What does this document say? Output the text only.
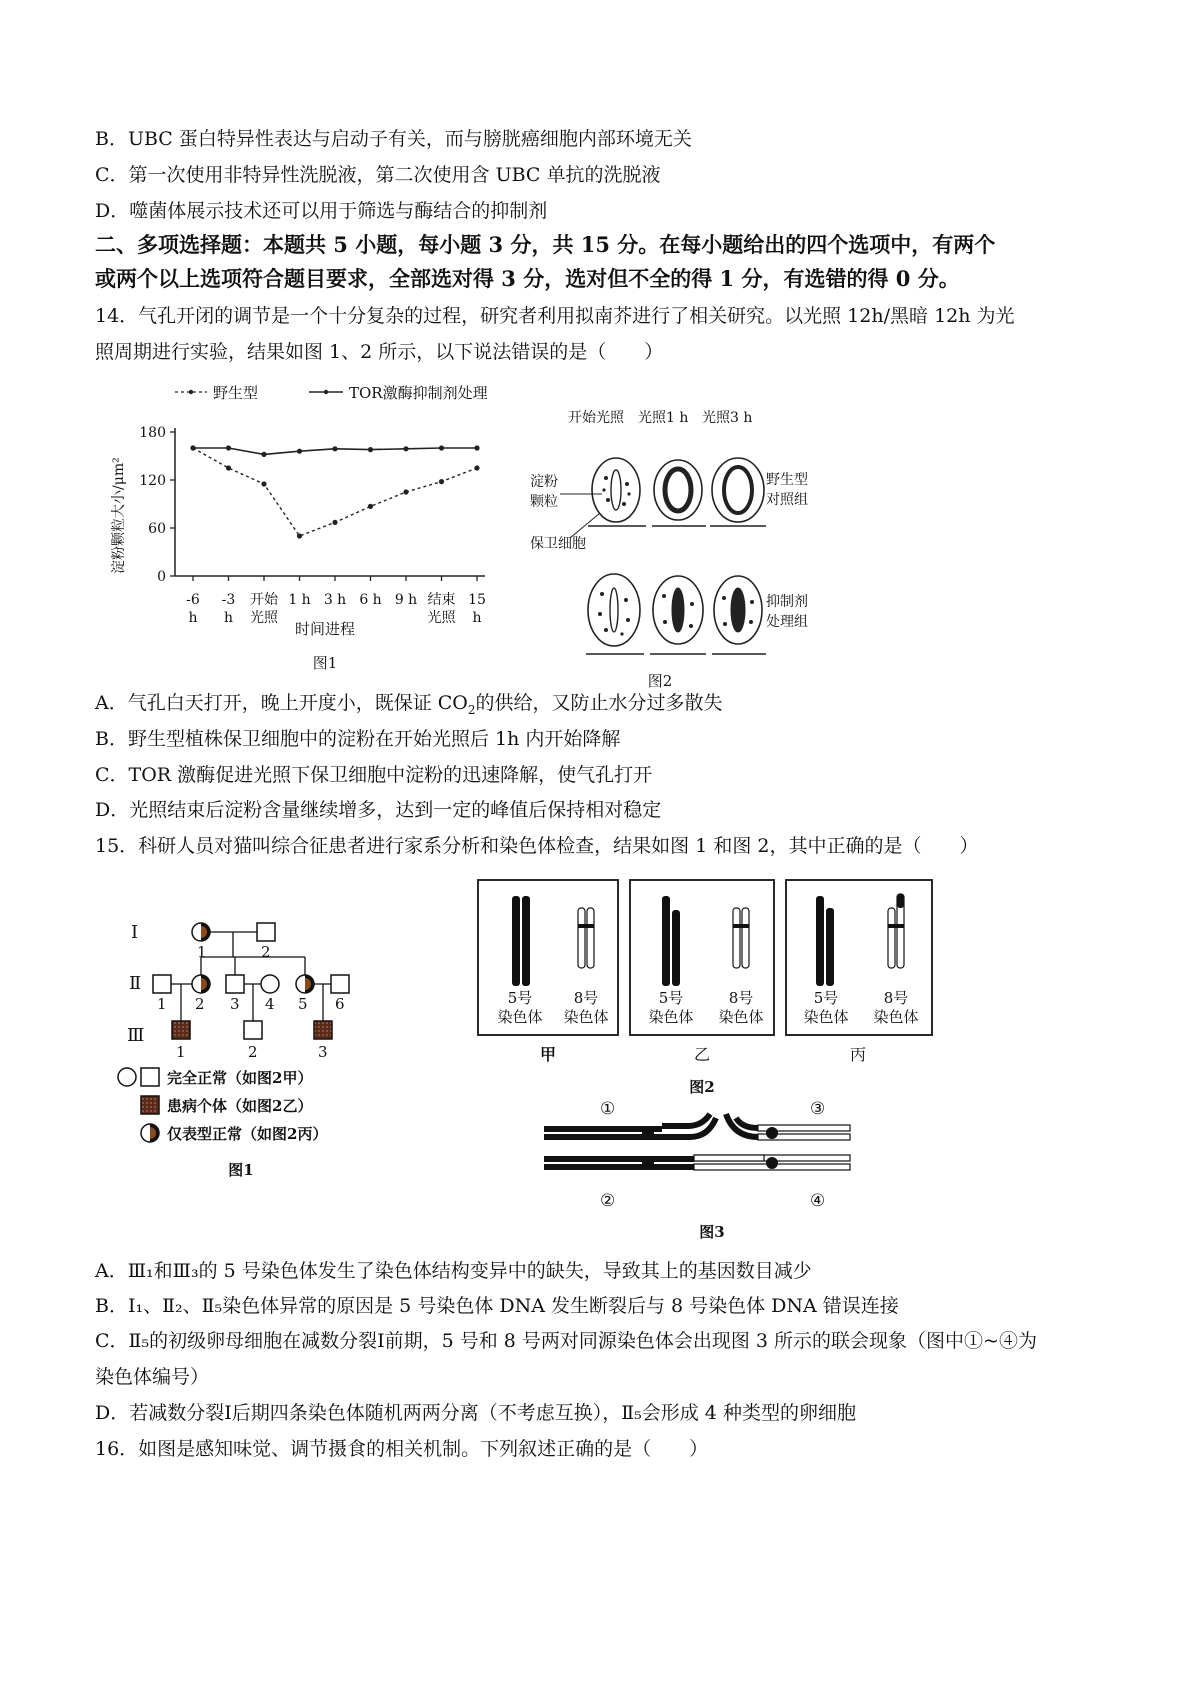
B．UBC 蛋白特异性表达与启动子有关，而与膀胱癌细胞内部环境无关
C．第一次使用非特异性洗脱液，第二次使用含 UBC 单抗的洗脱液
D．噬菌体展示技术还可以用于筛选与酶结合的抑制剂
二、多项选择题：本题共 5 小题，每小题 3 分，共 15 分。在每小题给出的四个选项中，有两个
或两个以上选项符合题目要求，全部选对得 3 分，选对但不全的得 1 分，有选错的得 0 分。
14．气孔开闭的调节是一个十分复杂的过程，研究者利用拟南芥进行了相关研究。以光照 12h/黑暗 12h 为光
照周期进行实验，结果如图 1、2 所示，以下说法错误的是（　　）
野生型	TOR激酶抑制剂处理
0
60
120
180
-6
h
-3
h
开始
光照
1 h 3 h 6 h 9 h 结束
光照
15
h
淀粉颗粒大小/μm²
时间进程
图1
开始光照 光照1 h 光照3 h
淀粉
颗粒
保卫细胞
野生型
对照组
抑制剂
处理组
图2
A．气孔白天打开，晚上开度小，既保证 $CO_2$的供给，又防止水分过多散失
B．野生型植株保卫细胞中的淀粉在开始光照后 1h 内开始降解
C．TOR 激酶促进光照下保卫细胞中淀粉的迅速降解，使气孔打开
D．光照结束后淀粉含量继续增多，达到一定的峰值后保持相对稳定
15．科研人员对猫叫综合征患者进行家系分析和染色体检查，结果如图 1 和图 2，其中正确的是（　　）
Ⅰ
Ⅱ
Ⅲ
1	2
1 2 3 4 5 6
1	2	3
完全正常（如图2甲）
患病个体（如图2乙）
仅表型正常（如图2丙）
图1
5号
染色体
8号
染色体
甲
5号
染色体
8号
染色体
乙
5号
染色体
8号
染色体
丙
图2
①
②
③
④
图3
A．Ⅲ₁和Ⅲ₃的 5 号染色体发生了染色体结构变异中的缺失，导致其上的基因数目减少
B．Ⅰ₁、Ⅱ₂、Ⅱ₅染色体异常的原因是 5 号染色体 DNA 发生断裂后与 8 号染色体 DNA 错误连接
C．Ⅱ₅的初级卵母细胞在减数分裂Ⅰ前期，5 号和 8 号两对同源染色体会出现图 3 所示的联会现象（图中①~④为
染色体编号）
D．若减数分裂Ⅰ后期四条染色体随机两两分离（不考虑互换），Ⅱ₅会形成 4 种类型的卵细胞
16．如图是感知味觉、调节摄食的相关机制。下列叙述正确的是（　　）
